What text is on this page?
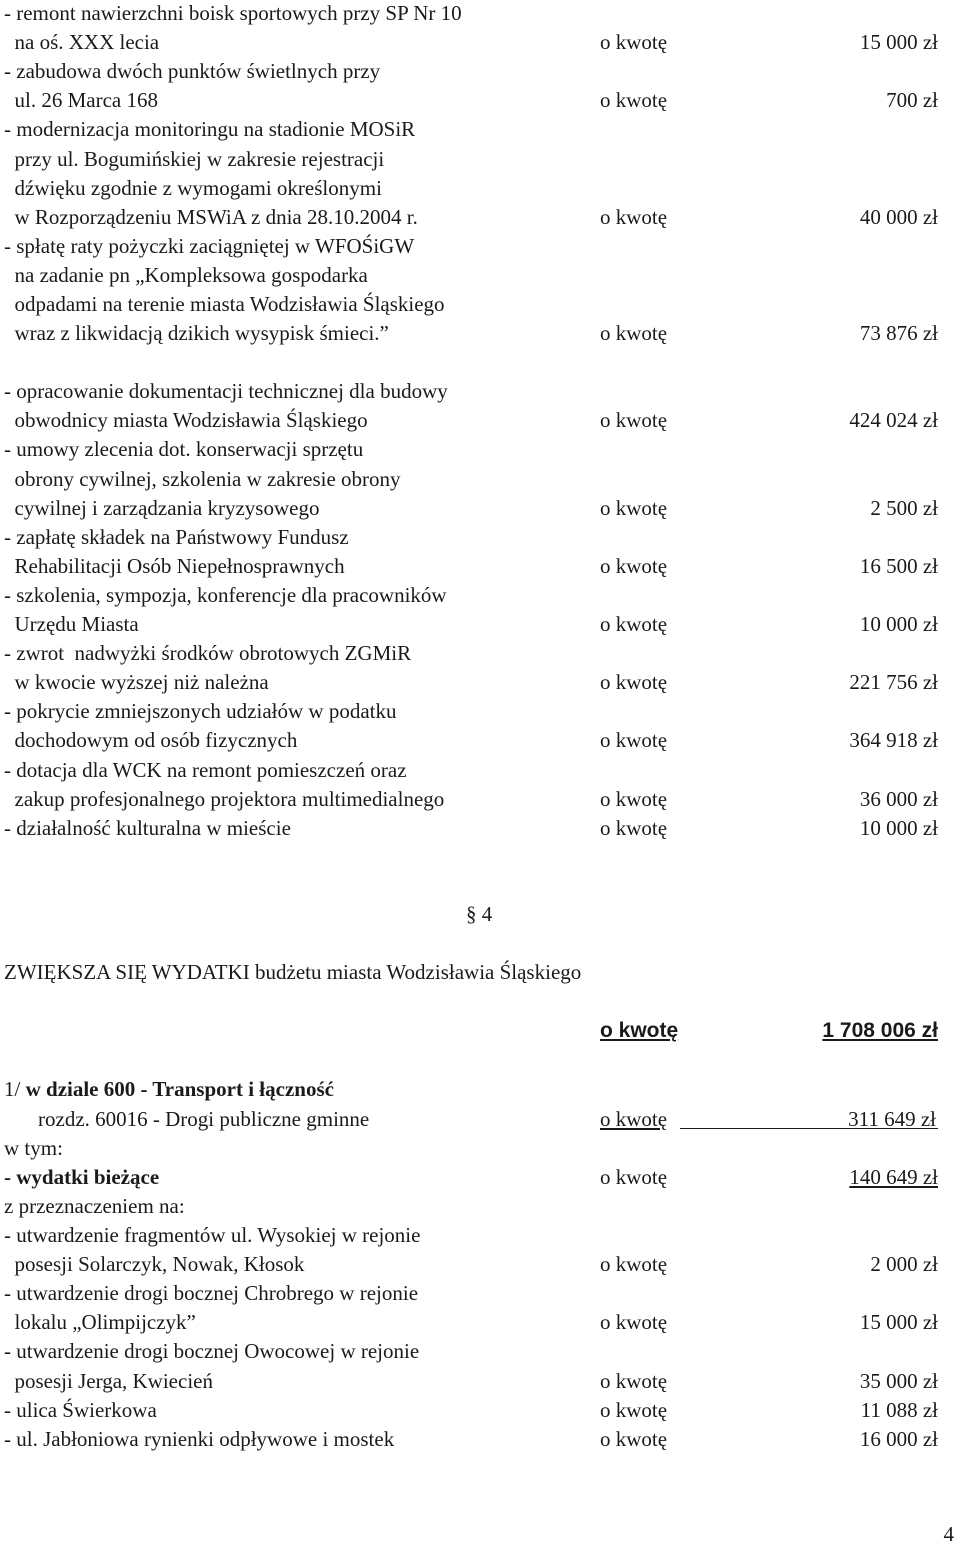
- remont nawierzchni boisk sportowych przy SP Nr 10
na oś. XXX lecia	o kwotę	15 000 zł
- zabudowa dwóch punktów świetlnych przy
ul. 26 Marca 168	o kwotę	700 zł
- modernizacja monitoringu na stadionie MOSiR
przy ul. Bogumińskiej w zakresie rejestracji
dźwięku zgodnie z wymogami określonymi
w Rozporządzeniu MSWiA z dnia 28.10.2004 r.	o kwotę	40 000 zł
- spłatę raty pożyczki zaciągniętej w WFOŚiGW
na zadanie pn „Kompleksowa gospodarka
odpadami na terenie miasta Wodzisławia Śląskiego
wraz z likwidacją dzikich wysypisk śmieci.”	o kwotę	73 876 zł
- opracowanie dokumentacji technicznej dla budowy
obwodnicy miasta Wodzisławia Śląskiego	o kwotę	424 024 zł
- umowy zlecenia dot. konserwacji sprzętu
obrony cywilnej, szkolenia w zakresie obrony
cywilnej i zarządzania kryzysowego	o kwotę	2 500 zł
- zapłatę składek na Państwowy Fundusz
Rehabilitacji Osób Niepełnosprawnych	o kwotę	16 500 zł
- szkolenia, sympozja, konferencje dla pracowników
Urzędu Miasta	o kwotę	10 000 zł
- zwrot  nadwyżki środków obrotowych ZGMiR
w kwocie wyższej niż należna	o kwotę	221 756 zł
- pokrycie zmniejszonych udziałów w podatku
dochodowym od osób fizycznych	o kwotę	364 918 zł
- dotacja dla WCK na remont pomieszczeń oraz
zakup profesjonalnego projektora multimedialnego	o kwotę	36 000 zł
- działalność kulturalna w mieście	o kwotę	10 000 zł
- utwardzenie fragmentów ul. Wysokiej w rejonie
posesji Solarczyk, Nowak, Kłosok	o kwotę	2 000 zł
- utwardzenie drogi bocznej Chrobrego w rejonie
lokalu „Olimpijczyk”	o kwotę	15 000 zł
- utwardzenie drogi bocznej Owocowej w rejonie
posesji Jerga, Kwiecień	o kwotę	35 000 zł
- ulica Świerkowa	o kwotę	11 088 zł
- ul. Jabłoniowa rynienki odpływowe i mostek	o kwotę	16 000 zł
§ 4
ZWIĘKSZA SIĘ WYDATKI budżetu miasta Wodzisławia Śląskiego
o kwotę	1 708 006 zł
1/ w dziale 600 - Transport i łączność
rozdz. 60016 - Drogi publiczne gminne	o kwotę	311 649 zł
w tym:
- wydatki bieżące	o kwotę	140 649 zł
z przeznaczeniem na:
4
